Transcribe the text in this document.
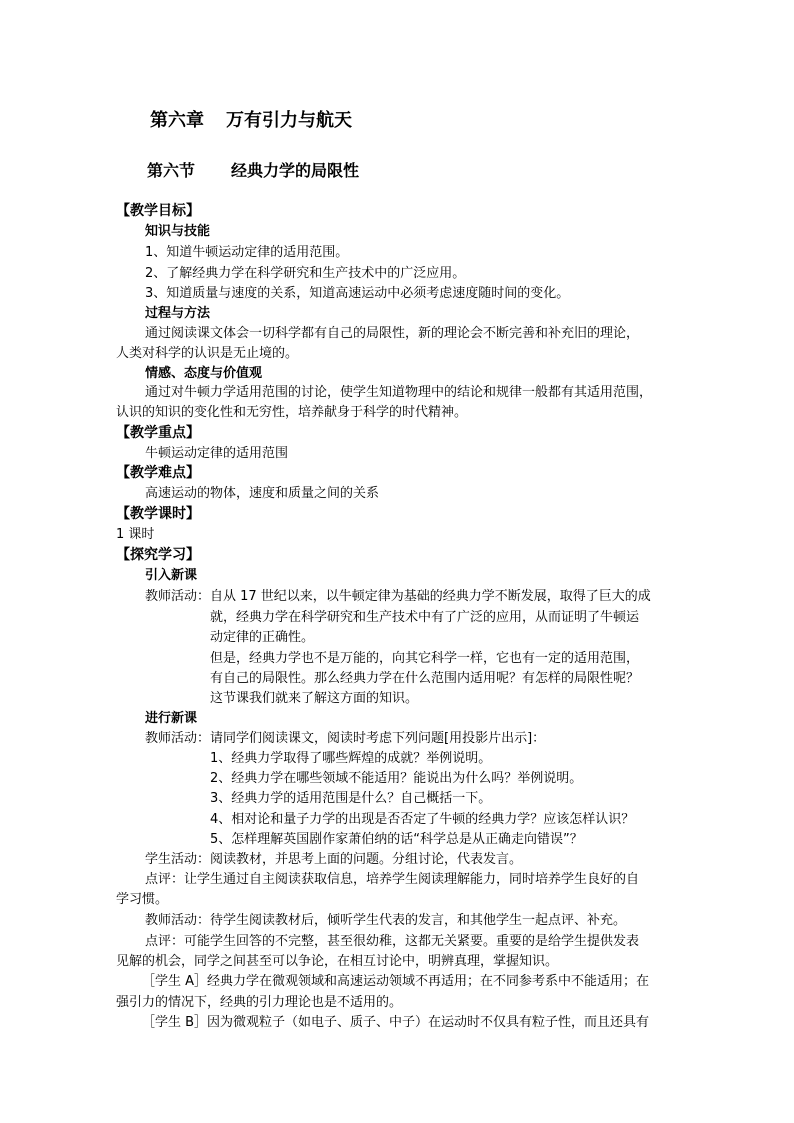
第六章 万有引力与航天
第六节 经典力学的局限性
【教学目标】
知识与技能
1、知道牛顿运动定律的适用范围。
2、了解经典力学在科学研究和生产技术中的广泛应用。
3、知道质量与速度的关系，知道高速运动中必须考虑速度随时间的变化。
过程与方法
通过阅读课文体会一切科学都有自己的局限性，新的理论会不断完善和补充旧的理论，
人类对科学的认识是无止境的。
情感、态度与价值观
通过对牛顿力学适用范围的讨论，使学生知道物理中的结论和规律一般都有其适用范围，
认识的知识的变化性和无穷性，培养献身于科学的时代精神。
【教学重点】
牛顿运动定律的适用范围
【教学难点】
高速运动的物体，速度和质量之间的关系
【教学课时】
1 课时
【探究学习】
引入新课
教师活动： 自从 17 世纪以来，以牛顿定律为基础的经典力学不断发展，取得了巨大的成
就，经典力学在科学研究和生产技术中有了广泛的应用，从而证明了牛顿运
动定律的正确性。
但是，经典力学也不是万能的，向其它科学一样，它也有一定的适用范围，
有自己的局限性。那么经典力学在什么范围内适用呢？有怎样的局限性呢？
这节课我们就来了解这方面的知识。
进行新课
教师活动： 请同学们阅读课文，阅读时考虑下列问题[用投影片出示]：
1、经典力学取得了哪些辉煌的成就？举例说明。
2、经典力学在哪些领域不能适用？能说出为什么吗？举例说明。
3、经典力学的适用范围是什么？自己概括一下。
4、相对论和量子力学的出现是否否定了牛顿的经典力学？应该怎样认识？
5、怎样理解英国剧作家萧伯纳的话“科学总是从正确走向错误”？
学生活动：阅读教材，并思考上面的问题。分组讨论，代表发言。
点评：让学生通过自主阅读获取信息，培养学生阅读理解能力，同时培养学生良好的自
学习惯。
教师活动：待学生阅读教材后，倾听学生代表的发言，和其他学生一起点评、补充。
点评：可能学生回答的不完整，甚至很幼稚，这都无关紧要。重要的是给学生提供发表
见解的机会，同学之间甚至可以争论，在相互讨论中，明辨真理，掌握知识。
［学生 A］经典力学在微观领域和高速运动领域不再适用；在不同参考系中不能适用；在
强引力的情况下，经典的引力理论也是不适用的。
［学生 B］因为微观粒子（如电子、质子、中子）在运动时不仅具有粒子性，而且还具有
